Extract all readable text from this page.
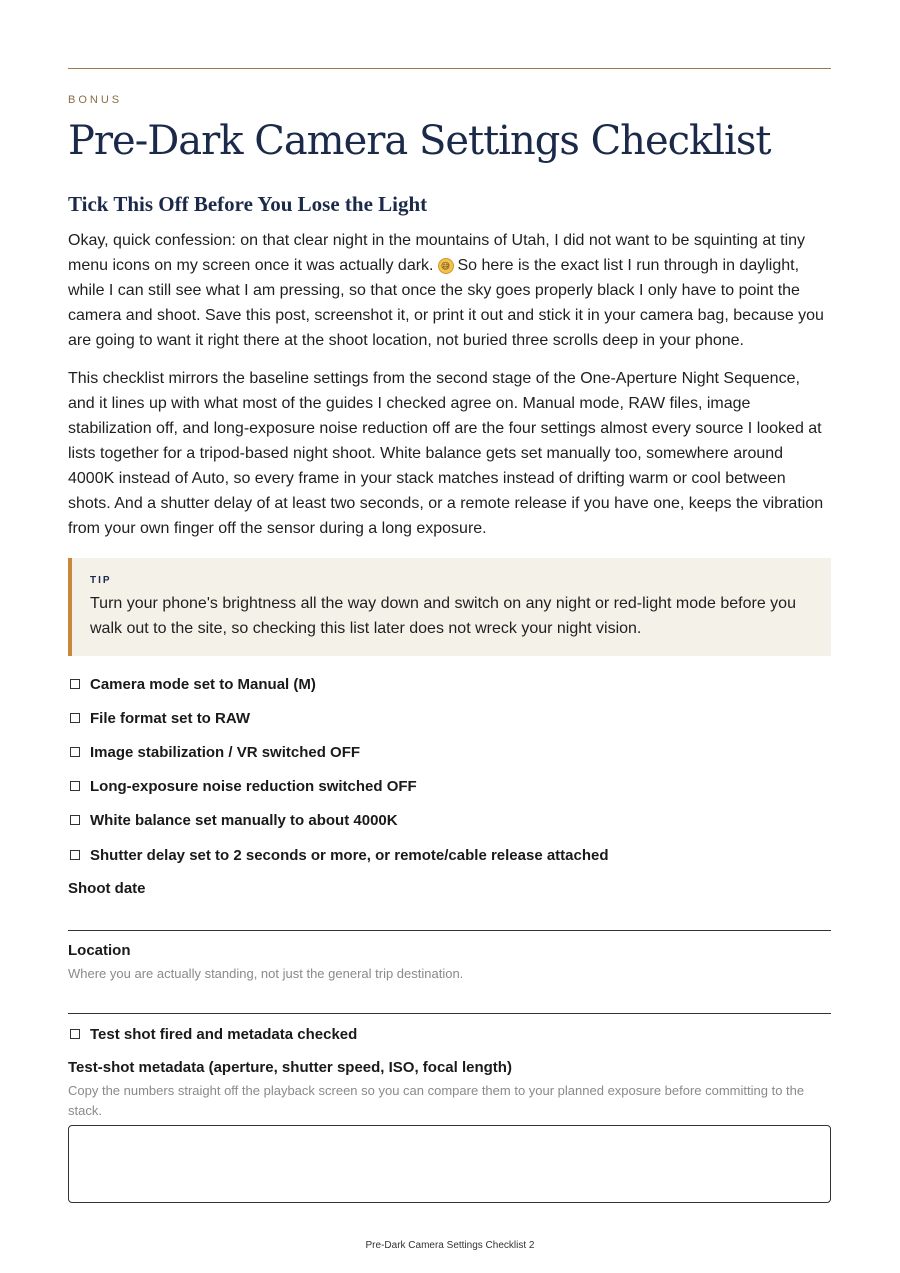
BONUS
Pre-Dark Camera Settings Checklist
Tick This Off Before You Lose the Light

Okay, quick confession: on that clear night in the mountains of Utah, I did not want to be squinting at tiny menu icons on my screen once it was actually dark. 😅 So here is the exact list I run through in daylight, while I can still see what I am pressing, so that once the sky goes properly black I only have to point the camera and shoot. Save this post, screenshot it, or print it out and stick it in your camera bag, because you are going to want it right there at the shoot location, not buried three scrolls deep in your phone.

This checklist mirrors the baseline settings from the second stage of the One-Aperture Night Sequence, and it lines up with what most of the guides I checked agree on. Manual mode, RAW files, image stabilization off, and long-exposure noise reduction off are the four settings almost every source I looked at lists together for a tripod-based night shoot. White balance gets set manually too, somewhere around 4000K instead of Auto, so every frame in your stack matches instead of drifting warm or cool between shots. And a shutter delay of at least two seconds, or a remote release if you have one, keeps the vibration from your own finger off the sensor during a long exposure.

TIP

Turn your phone's brightness all the way down and switch on any night or red-light mode before you walk out to the site, so checking this list later does not wreck your night vision.

Camera mode set to Manual (M)
File format set to RAW
Image stabilization / VR switched OFF
Long-exposure noise reduction switched OFF
White balance set manually to about 4000K
Shutter delay set to 2 seconds or more, or remote/cable release attached
Shoot date
Location

Where you are actually standing, not just the general trip destination.

Test shot fired and metadata checked
Test-shot metadata (aperture, shutter speed, ISO, focal length)

Copy the numbers straight off the playback screen so you can compare them to your planned exposure before committing to the stack.

Pre-Dark Camera Settings Checklist 2
